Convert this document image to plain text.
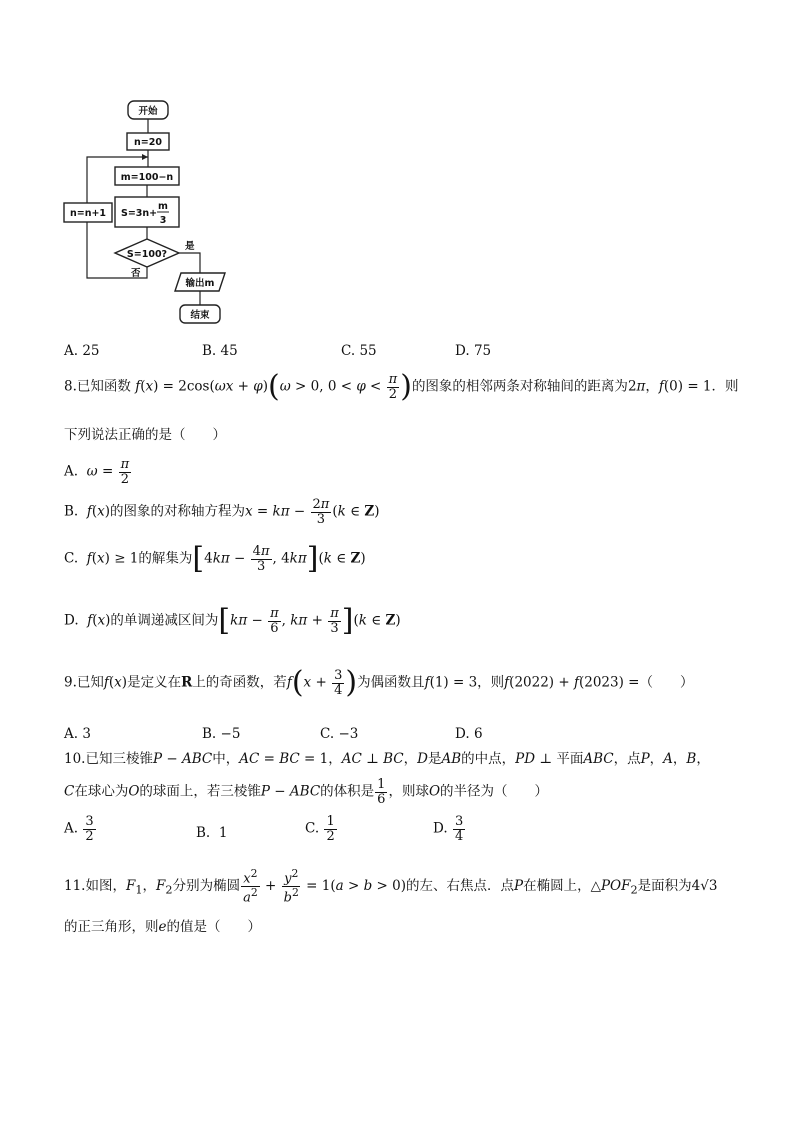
开始
n=20
m=100−n
S=3n+
m
3
S=100?
是
输出m
结束
否
n=n+1
A. 25	B. 45	C. 55	D. 75
8.已知函数 f(x) = 2cos(ωx + φ)(ω > 0, $0 < \varphi < \frac{\pi}{2}$ )的图象的相邻两条对称轴间的距离为2π，f(0) = 1．则
下列说法正确的是（　　）
A. $\omega = \frac{\pi}{2}$
B. f(x)的图象的对称轴方程为$x = k\pi - \frac{2\pi}{3} (k$ ∈ Z)
C. f(x) ≥ 1的解集为[$4k\pi - \frac{4\pi}{3}$ , 4kπ](k ∈ Z)
D. f(x)的单调递减区间为[$k\pi - \frac{\pi}{6}$ , $k\pi + \frac{\pi}{3} ](k$ ∈ Z)
9.已知f(x)是定义在R上的奇函数，若$f(x + \frac{3}{4}$ )为偶函数且f(1) = 3，则f(2022) + f(2023) =（　　）
A. 3	B. −5	C. −3	D. 6
10.已知三棱锥P − ABC中，AC = BC = 1，AC ⊥ BC，D是AB的中点，PD ⊥ 平面ABC，点P，A，B，
C在球心为O的球面上，若三棱锥P − ABC的体积是 $\frac{1}{6}$ ，则球O的半径为（　　）
A. $\frac{3}{2}$	B. 1	C. $\frac{1}{2}$	D. $\frac{3}{4}$
11.如图，$F_1$，$F_2$分别为椭圆 $\frac{x^2}{a^2} + \frac{y^2}{b^2} = 1(a > b > 0)$的左、右焦点．点P在椭圆上，$\triangle POF_2$是面积为4√3
的正三角形，则e的值是（　　）
